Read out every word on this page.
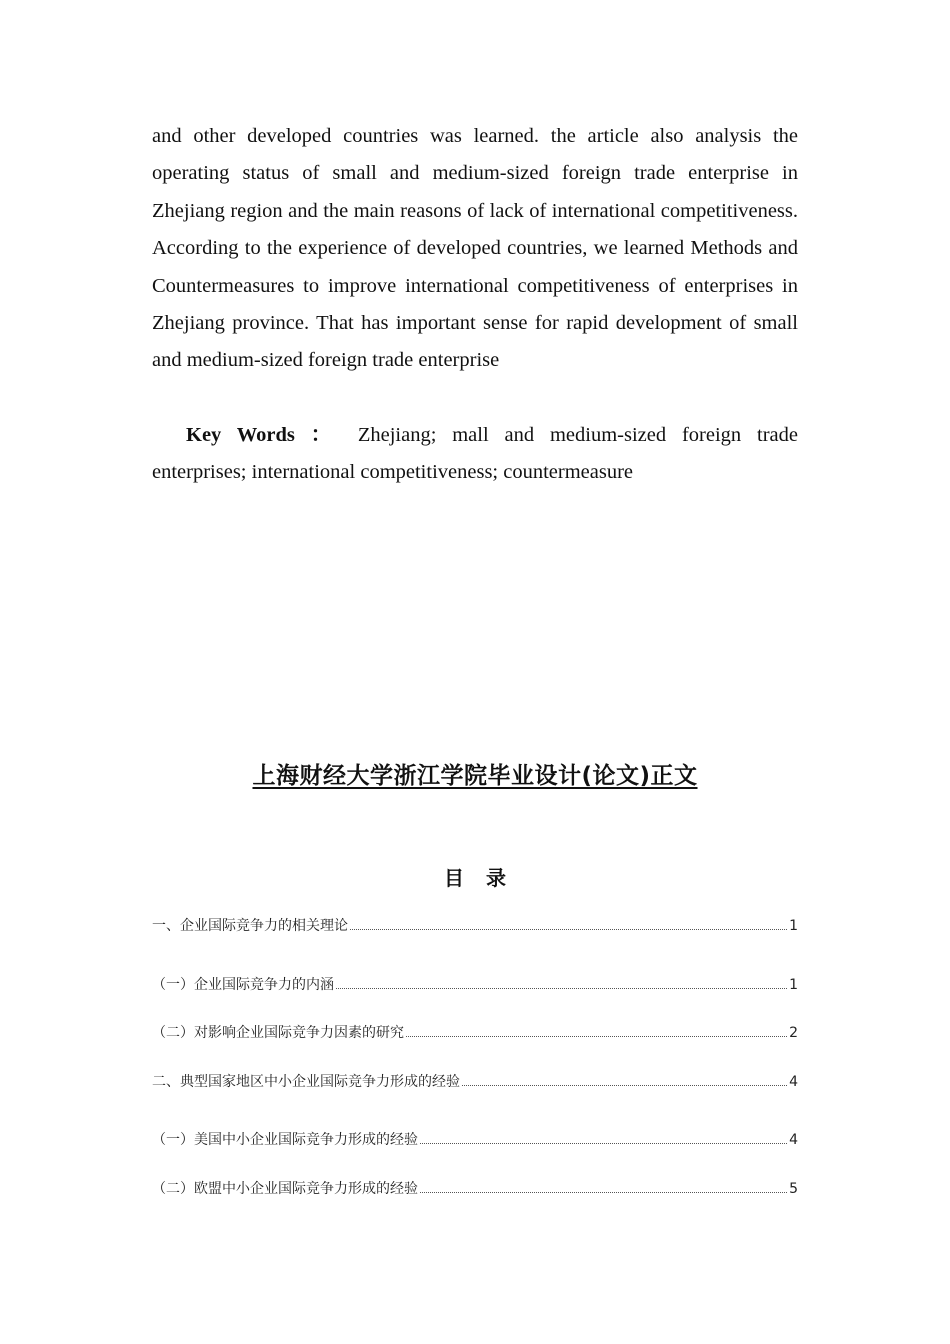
and other developed countries was learned. the article also analysis the operating status of small and medium-sized foreign trade enterprise in Zhejiang region and the main reasons of lack of international competitiveness. According to the experience of developed countries, we learned Methods and Countermeasures to improve international competitiveness of enterprises in Zhejiang province. That has important sense for rapid development of small and medium-sized foreign trade enterprise

Key Words ： Zhejiang; mall and medium-sized foreign trade enterprises; international competitiveness; countermeasure

上海财经大学浙江学院毕业设计(论文)正文
目录
一、企业国际竞争力的相关理论	1
（一）企业国际竞争力的内涵	1
（二）对影响企业国际竞争力因素的研究	2
二、典型国家地区中小企业国际竞争力形成的经验	4
（一）美国中小企业国际竞争力形成的经验	4
（二）欧盟中小企业国际竞争力形成的经验	5
